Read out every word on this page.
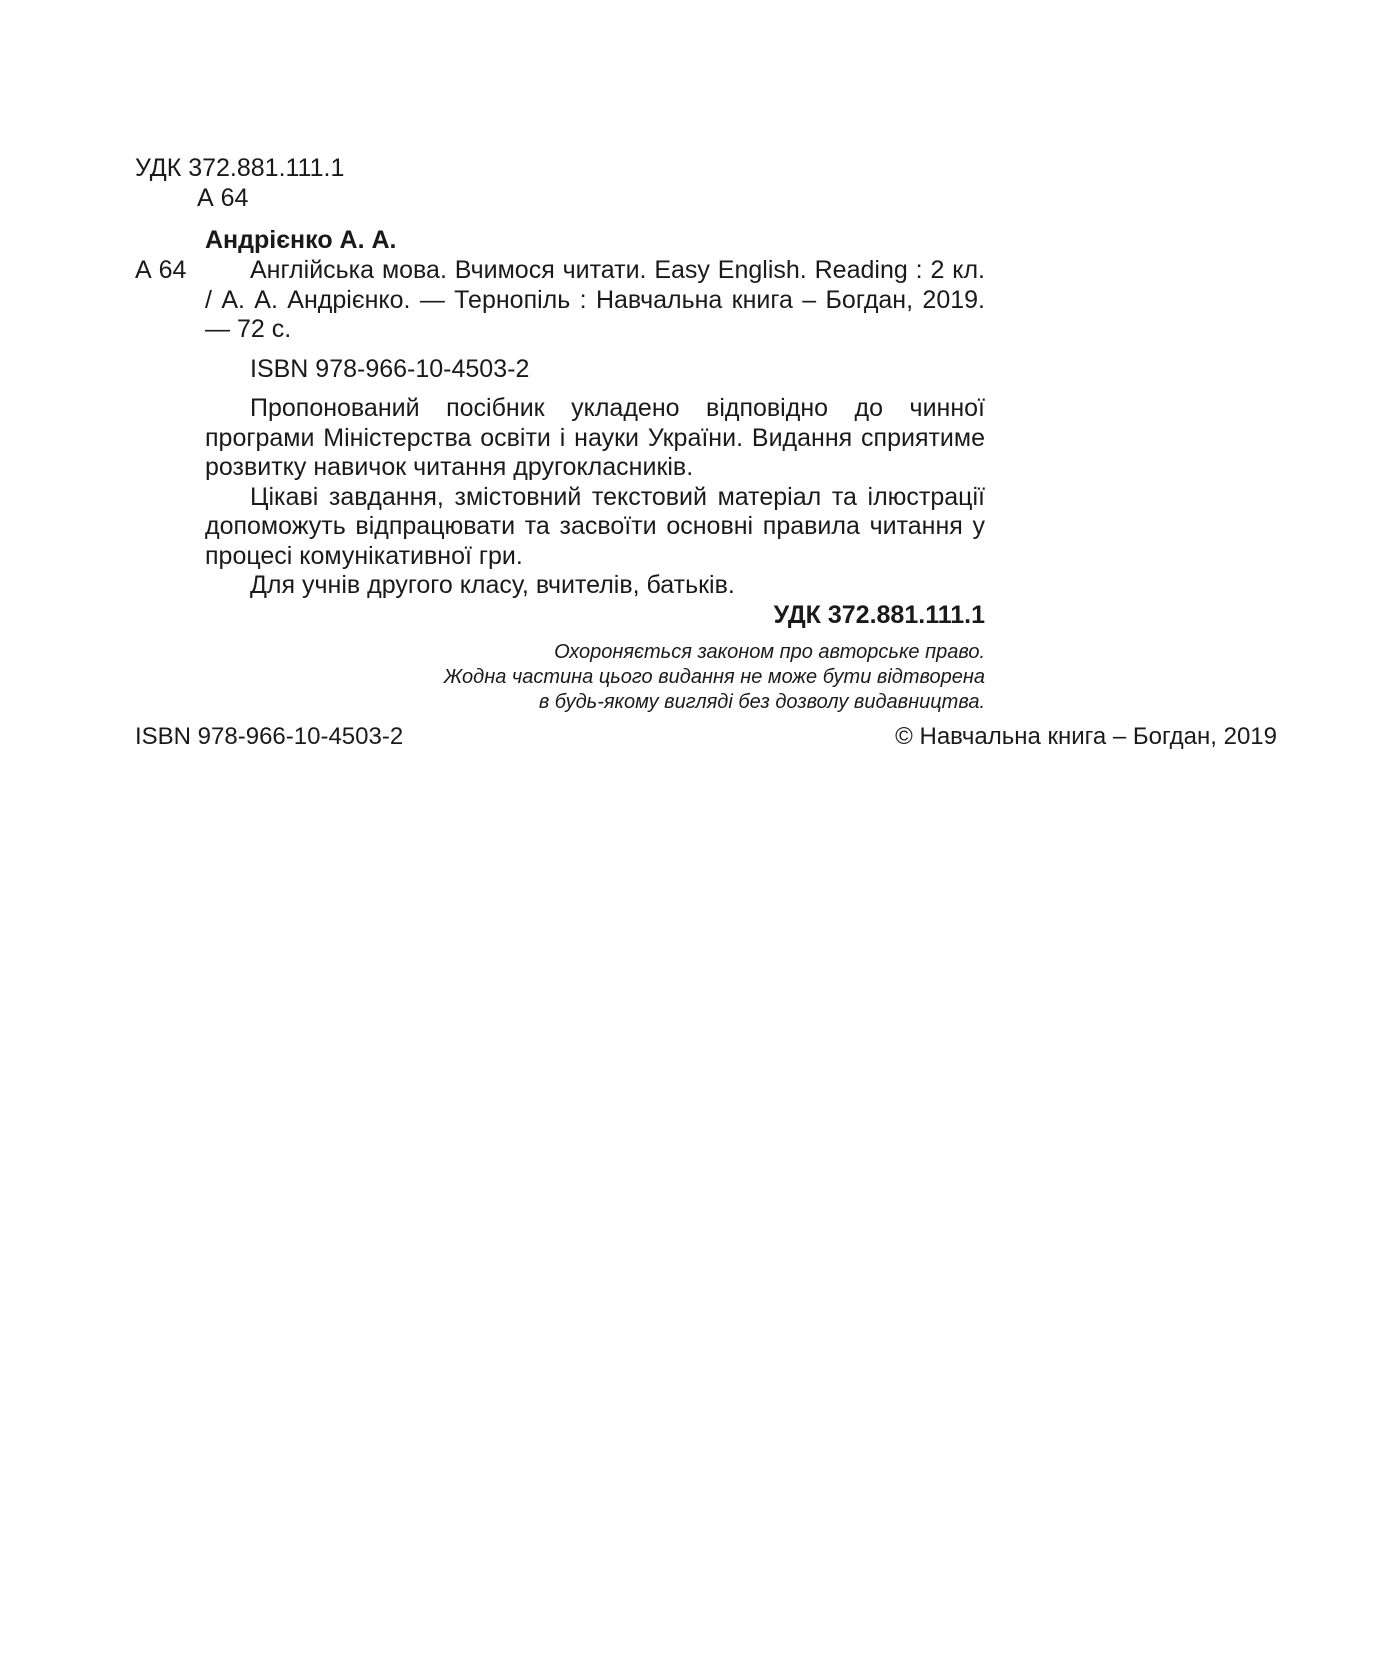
УДК 372.881.111.1
А 64
Андрієнко А. А.
А 64	Англійська мова. Вчимося читати. Easy English. Reading : 2 кл. / А. А. Андрієнко. — Тернопіль : Навчальна книга – Богдан, 2019. — 72 с.

ISBN 978-966-10-4503-2

Пропонований посібник укладено відповідно до чинної програми Міністерства освіти і науки України. Видання сприятиме розвитку навичок читання другокласників.

Цікаві завдання, змістовний текстовий матеріал та ілюстрації допоможуть відпрацювати та засвоїти основні правила читання у процесі комунікативної гри.

Для учнів другого класу, вчителів, батьків.

УДК 372.881.111.1

Охороняється законом про авторське право.
Жодна частина цього видання не може бути відтворена
в будь-якому вигляді без дозволу видавництва.
ISBN 978-966-10-4503-2	© Навчальна книга – Богдан, 2019
